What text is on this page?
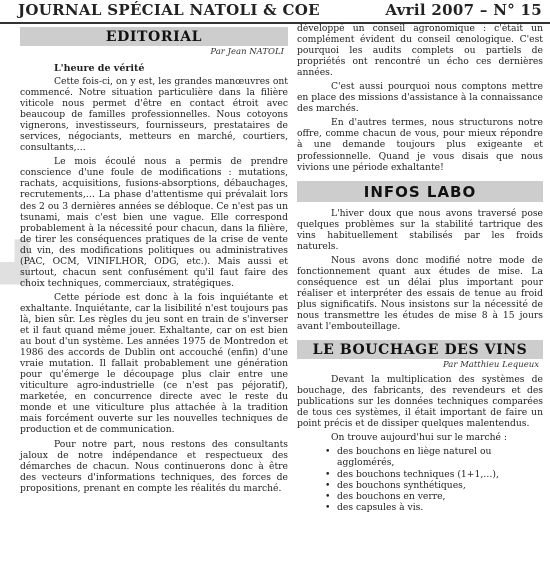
JOURNAL SPÉCIAL NATOLI & COE	Avril 2007 – N° 15
▟
EDITORIAL
Par Jean NATOLI
L'heure de vérité

Cette fois-ci, on y est, les grandes manœuvres ont commencé. Notre situation particulière dans la filière viticole nous permet d'être en contact étroit avec beaucoup de familles professionnelles. Nous cotoyons vignerons, investisseurs, fournisseurs, prestataires de services, négociants, metteurs en marché, courtiers, consultants,…

Le mois écoulé nous a permis de prendre conscience d'une foule de modifications : mutations, rachats, acquisitions, fusions-absorptions, débauchages, recrutements,… La phase d'attentisme qui prévalait lors des 2 ou 3 dernières années se débloque. Ce n'est pas un tsunami, mais c'est bien une vague. Elle correspond probablement à la nécessité pour chacun, dans la filière, de tirer les conséquences pratiques de la crise de vente du vin, des modifications politiques ou administratives (PAC, OCM, VINIFLHOR, ODG, etc.). Mais aussi et surtout, chacun sent confusément qu'il faut faire des choix techniques, commerciaux, stratégiques.

Cette période est donc à la fois inquiétante et exhaltante. Inquiétante, car la lisibilité n'est toujours pas là, bien sûr. Les règles du jeu sont en train de s'inverser et il faut quand même jouer. Exhaltante, car on est bien au bout d'un système. Les années 1975 de Montredon et 1986 des accords de Dublin ont accouché (enfin) d'une vraie mutation. Il fallait probablement une génération pour qu'émerge le découpage plus clair entre une viticulture agro-industrielle (ce n'est pas péjoratif), marketée, en concurrence directe avec le reste du monde et une viticulture plus attachée à la tradition mais forcément ouverte sur les nouvelles techniques de production et de communication.

Pour notre part, nous restons des consultants jaloux de notre indépendance et respectueux des démarches de chacun. Nous continuerons donc à être des vecteurs d'informations techniques, des forces de propositions, prenant en compte les réalités du marché.

développé un conseil agronomique : c'était un complément évident du conseil œnologique. C'est pourquoi les audits complets ou partiels de propriétés ont rencontré un écho ces dernières années.

C'est aussi pourquoi nous comptons mettre en place des missions d'assistance à la connaissance des marchés.

En d'autres termes, nous structurons notre offre, comme chacun de vous, pour mieux répondre à une demande toujours plus exigeante et professionnelle. Quand je vous disais que nous vivions une période exhaltante!

INFOS LABO

L'hiver doux que nous avons traversé pose quelques problèmes sur la stabilité tartrique des vins habituellement stabilisés par les froids naturels.

Nous avons donc modifié notre mode de fonctionnement quant aux études de mise. La conséquence est un délai plus important pour réaliser et interpréter des essais de tenue au froid plus significatifs. Nous insistons sur la nécessité de nous transmettre les études de mise 8 à 15 jours avant l'embouteillage.

LE BOUCHAGE DES VINS
Par Matthieu Lequeux

Devant la multiplication des systèmes de bouchage, des fabricants, des revendeurs et des publications sur les données techniques comparées de tous ces systèmes, il était important de faire un point précis et de dissiper quelques malentendus.

On trouve aujourd'hui sur le marché :

• des bouchons en liège naturel ou agglomérés,
• des bouchons techniques (1+1,…),
• des bouchons synthétiques,
• des bouchons en verre,
• des capsules à vis.
